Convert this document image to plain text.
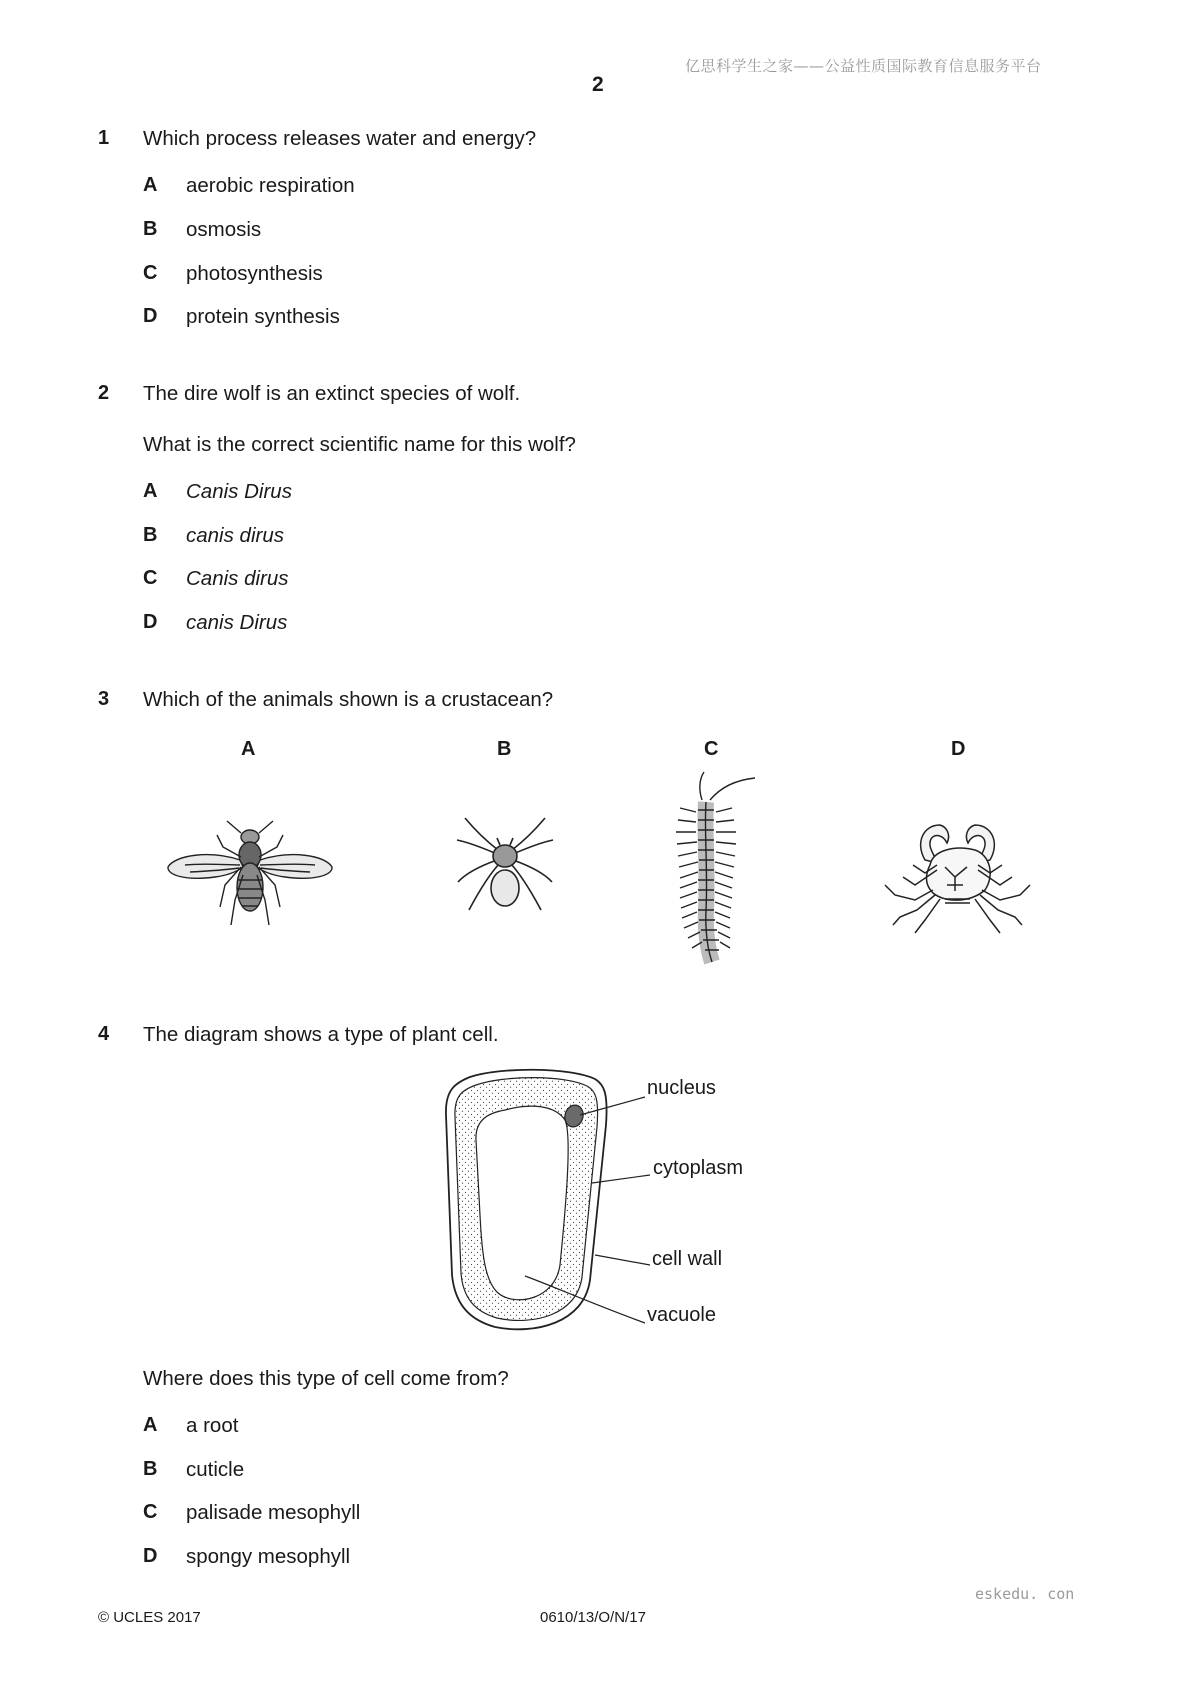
亿思科学生之家——公益性质国际教育信息服务平台
2
1 Which process releases water and energy?
A aerobic respiration
B osmosis
C photosynthesis
D protein synthesis
2 The dire wolf is an extinct species of wolf.
What is the correct scientific name for this wolf?
A Canis Dirus
B canis dirus
C Canis dirus
D canis Dirus
3 Which of the animals shown is a crustacean?
A	B	C	D
4 The diagram shows a type of plant cell.
nucleus
cytoplasm
cell wall
vacuole
Where does this type of cell come from?
A a root
B cuticle
C palisade mesophyll
D spongy mesophyll
eskedu. con
© UCLES 2017	0610/13/O/N/17
